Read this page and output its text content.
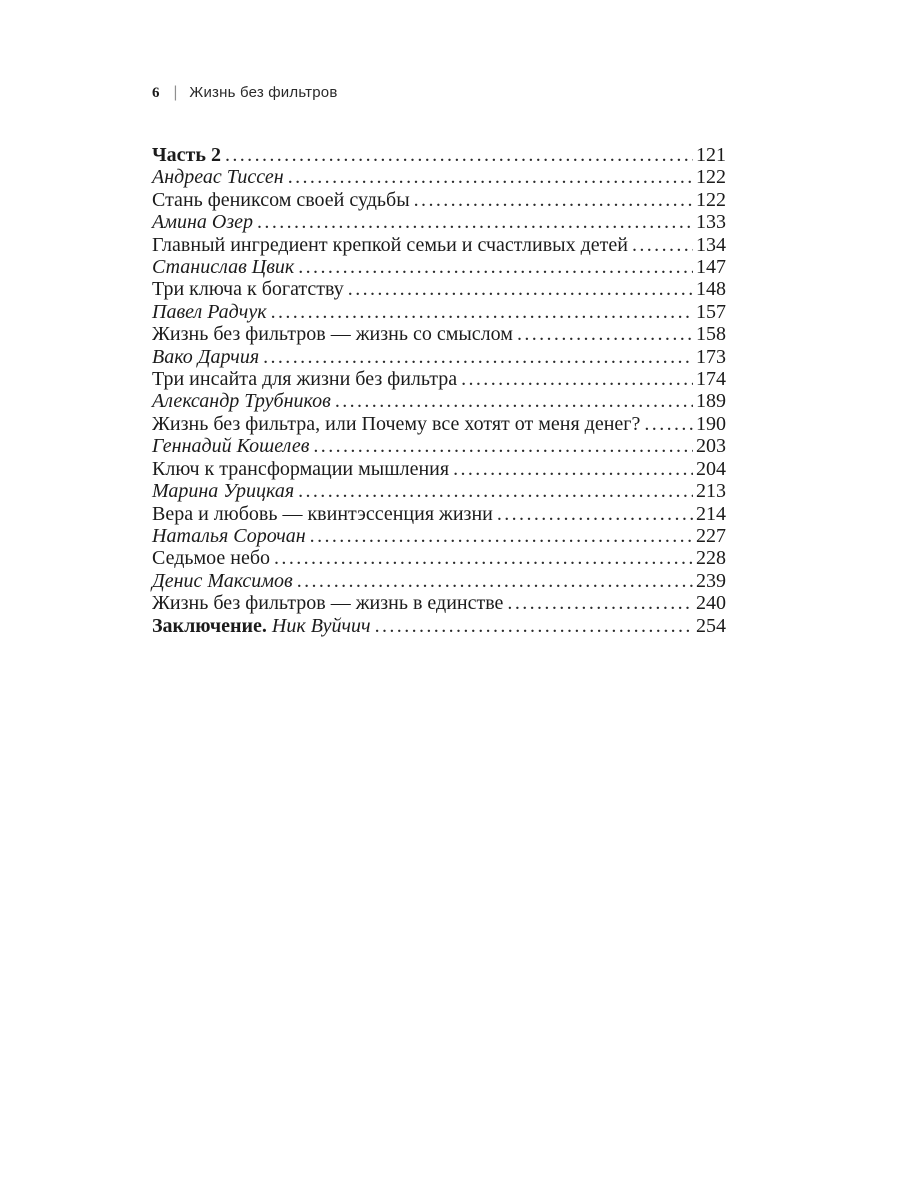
6 | Жизнь без фильтров
Часть 2 .....	121
Андреас Тиссен .....	122
Стань фениксом своей судьбы .....	122
Амина Озер .....	133
Главный ингредиент крепкой семьи и счастливых детей .....	134
Станислав Цвик .....	147
Три ключа к богатству .....	148
Павел Радчук .....	157
Жизнь без фильтров — жизнь со смыслом .....	158
Вако Дарчия .....	173
Три инсайта для жизни без фильтра .....	174
Александр Трубников .....	189
Жизнь без фильтра, или Почему все хотят от меня денег? .....	190
Геннадий Кошелев .....	203
Ключ к трансформации мышления .....	204
Марина Урицкая .....	213
Вера и любовь — квинтэссенция жизни .....	214
Наталья Сорочан .....	227
Седьмое небо .....	228
Денис Максимов .....	239
Жизнь без фильтров — жизнь в единстве .....	240
Заключение. Ник Вуйчич .....	254
